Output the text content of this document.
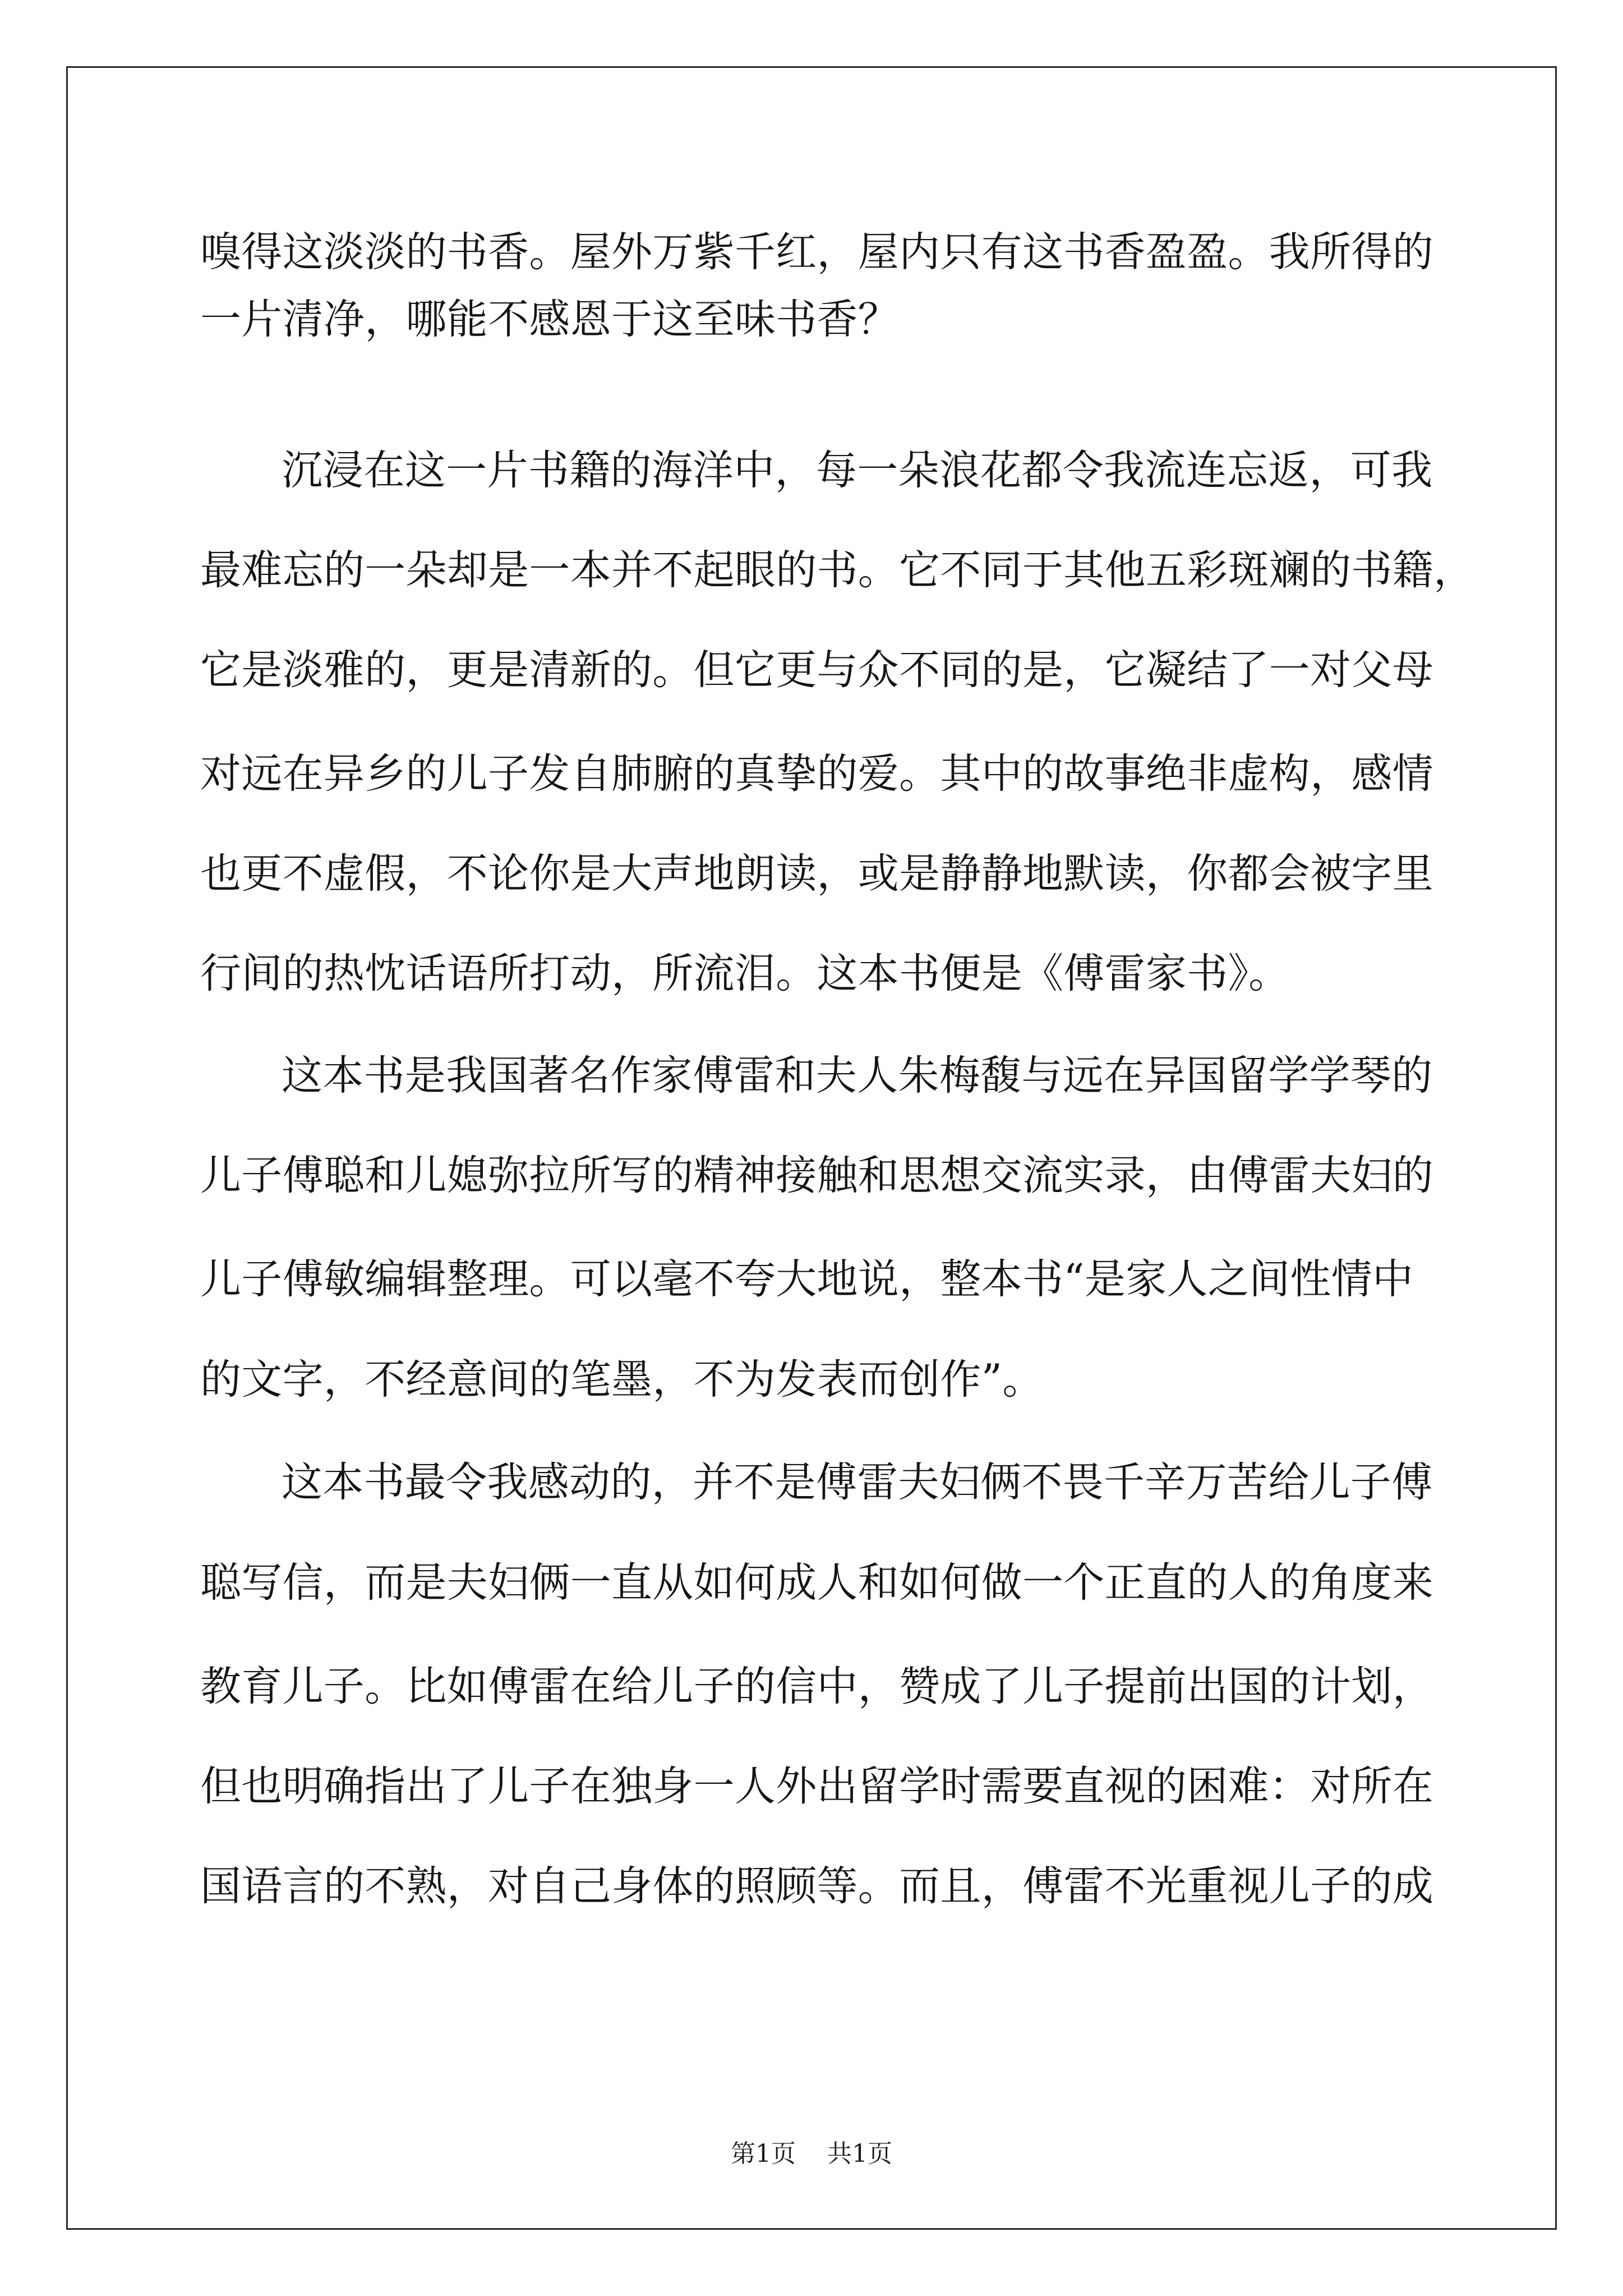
嗅得这淡淡的书香。屋外万紫千红，屋内只有这书香盈盈。我所得的
一片清净，哪能不感恩于这至味书香？
沉浸在这一片书籍的海洋中，每一朵浪花都令我流连忘返，可我
最难忘的一朵却是一本并不起眼的书。它不同于其他五彩斑斓的书籍，
它是淡雅的，更是清新的。但它更与众不同的是，它凝结了一对父母
对远在异乡的儿子发自肺腑的真挚的爱。其中的故事绝非虚构，感情
也更不虚假，不论你是大声地朗读，或是静静地默读，你都会被字里
行间的热忱话语所打动，所流泪。这本书便是《傅雷家书》。
这本书是我国著名作家傅雷和夫人朱梅馥与远在异国留学学琴的
儿子傅聪和儿媳弥拉所写的精神接触和思想交流实录，由傅雷夫妇的
儿子傅敏编辑整理。可以毫不夸大地说，整本书“是家人之间性情中
的文字，不经意间的笔墨，不为发表而创作”。
这本书最令我感动的，并不是傅雷夫妇俩不畏千辛万苦给儿子傅
聪写信，而是夫妇俩一直从如何成人和如何做一个正直的人的角度来
教育儿子。比如傅雷在给儿子的信中，赞成了儿子提前出国的计划，
但也明确指出了儿子在独身一人外出留学时需要直视的困难：对所在
国语言的不熟，对自己身体的照顾等。而且，傅雷不光重视儿子的成
第1页    共1页
